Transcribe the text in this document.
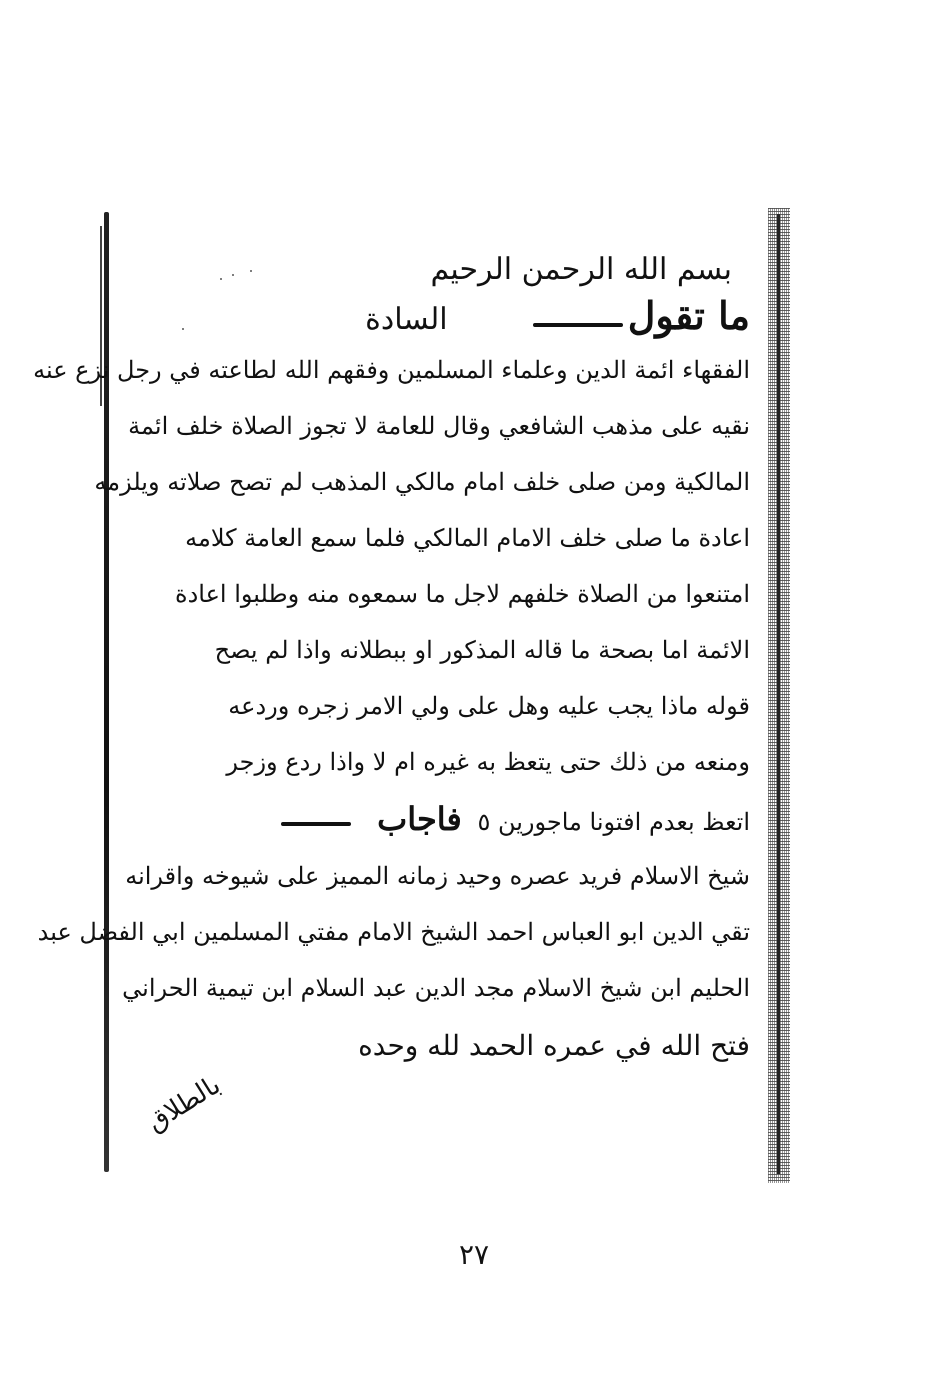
بسم الله الرحمن الرحيم
ما تقول  السادة
الفقهاء ائمة الدين وعلماء المسلمين وفقهم الله لطاعته في رجل نزع عنه
نقيه على مذهب الشافعي وقال للعامة لا تجوز الصلاة خلف ائمة
المالكية ومن صلى خلف امام مالكي المذهب لم تصح صلاته ويلزمه
اعادة ما صلى خلف الامام المالكي فلما سمع العامة كلامه
امتنعوا من الصلاة خلفهم لاجل ما سمعوه منه وطلبوا اعادة
الائمة اما بصحة ما قاله المذكور او ببطلانه واذا لم يصح
قوله ماذا يجب عليه وهل على ولي الامر زجره وردعه
ومنعه من ذلك حتى يتعظ به غيره ام لا واذا ردع وزجر
اتعظ بعدم افتونا ماجورين ٥ فاجاب
شيخ الاسلام فريد عصره وحيد زمانه المميز على شيوخه واقرانه
تقي الدين ابو العباس احمد الشيخ الامام مفتي المسلمين ابي الفضل عبد
الحليم ابن شيخ الاسلام مجد الدين عبد السلام ابن تيمية الحراني
فتح الله في عمره الحمد لله وحده
بالطلاق
٢٧
